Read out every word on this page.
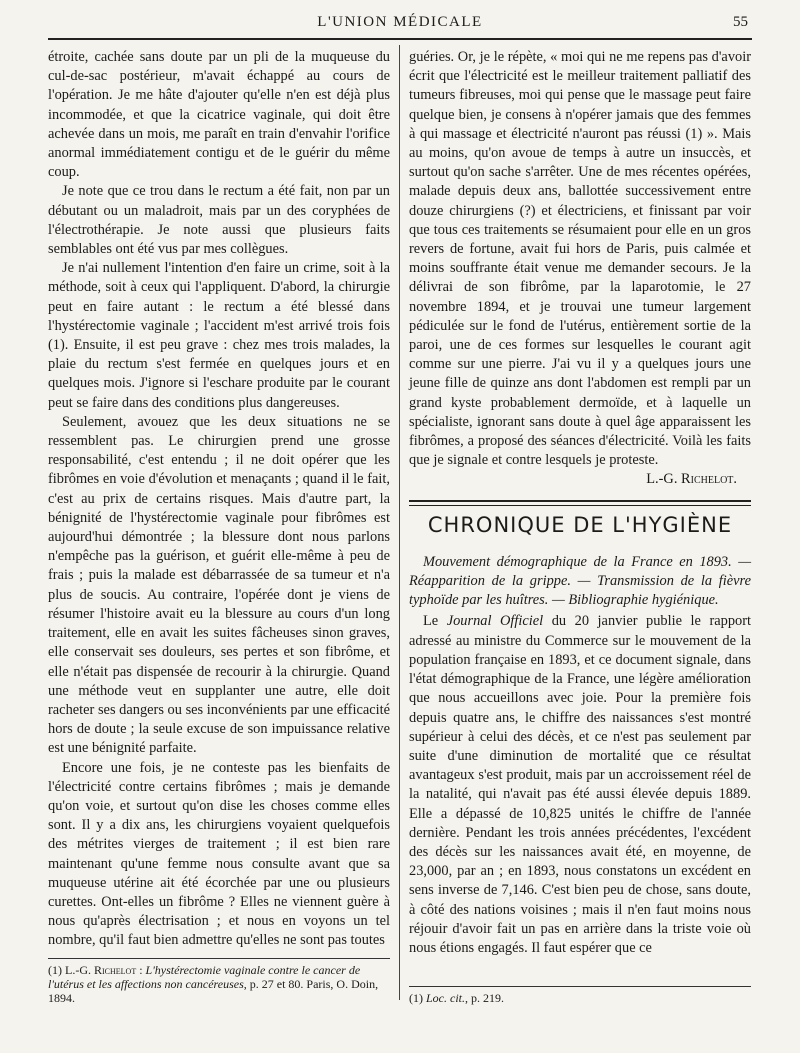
L'UNION MÉDICALE	55

étroite, cachée sans doute par un pli de la muqueuse du cul-de-sac postérieur, m'avait échappé au cours de l'opération. Je me hâte d'ajouter qu'elle n'en est déjà plus incommodée, et que la cicatrice vaginale, qui doit être achevée dans un mois, me paraît en train d'envahir l'orifice anormal immédiatement contigu et de le guérir du même coup.

Je note que ce trou dans le rectum a été fait, non par un débutant ou un maladroit, mais par un des coryphées de l'électrothérapie. Je note aussi que plusieurs faits semblables ont été vus par mes collègues.

Je n'ai nullement l'intention d'en faire un crime, soit à la méthode, soit à ceux qui l'appliquent. D'abord, la chirurgie peut en faire autant : le rectum a été blessé dans l'hystérectomie vaginale ; l'accident m'est arrivé trois fois (1). Ensuite, il est peu grave : chez mes trois malades, la plaie du rectum s'est fermée en quelques jours et en quelques mois. J'ignore si l'eschare produite par le courant peut se faire dans des conditions plus dangereuses.

Seulement, avouez que les deux situations ne se ressemblent pas. Le chirurgien prend une grosse responsabilité, c'est entendu ; il ne doit opérer que les fibrômes en voie d'évolution et menaçants ; quand il le fait, c'est au prix de certains risques. Mais d'autre part, la bénignité de l'hystérectomie vaginale pour fibrômes est aujourd'hui démontrée ; la blessure dont nous parlons n'empêche pas la guérison, et guérit elle-même à peu de frais ; puis la malade est débarrassée de sa tumeur et n'a plus de soucis. Au contraire, l'opérée dont je viens de résumer l'histoire avait eu la blessure au cours d'un long traitement, elle en avait les suites fâcheuses sinon graves, elle conservait ses douleurs, ses pertes et son fibrôme, et elle n'était pas dispensée de recourir à la chirurgie. Quand une méthode veut en supplanter une autre, elle doit racheter ses dangers ou ses inconvénients par une efficacité hors de doute ; la seule excuse de son impuissance relative est une bénignité parfaite.

Encore une fois, je ne conteste pas les bienfaits de l'électricité contre certains fibrômes ; mais je demande qu'on voie, et surtout qu'on dise les choses comme elles sont. Il y a dix ans, les chirurgiens voyaient quelquefois des métrites vierges de traitement ; il est bien rare maintenant qu'une femme nous consulte avant que sa muqueuse utérine ait été écorchée par une ou plusieurs curettes. Ont-elles un fibrôme ? Elles ne viennent guère à nous qu'après électrisation ; et nous en voyons un tel nombre, qu'il faut bien admettre qu'elles ne sont pas toutes

(1) L.-G. Richelot : L'hystérectomie vaginale contre le cancer de l'utérus et les affections non cancéreuses, p. 27 et 80. Paris, O. Doin, 1894.

guéries. Or, je le répète, « moi qui ne me repens pas d'avoir écrit que l'électricité est le meilleur traitement palliatif des tumeurs fibreuses, moi qui pense que le massage peut faire quelque bien, je consens à n'opérer jamais que des femmes à qui massage et électricité n'auront pas réussi (1) ». Mais au moins, qu'on avoue de temps à autre un insuccès, et surtout qu'on sache s'arrêter. Une de mes récentes opérées, malade depuis deux ans, ballottée successivement entre douze chirurgiens (?) et électriciens, et finissant par voir que tous ces traitements se résumaient pour elle en un gros revers de fortune, avait fui hors de Paris, puis calmée et moins souffrante était venue me demander secours. Je la délivrai de son fibrôme, par la laparotomie, le 27 novembre 1894, et je trouvai une tumeur largement pédiculée sur le fond de l'utérus, entièrement sortie de la paroi, une de ces formes sur lesquelles le courant agit comme sur une pierre. J'ai vu il y a quelques jours une jeune fille de quinze ans dont l'abdomen est rempli par un grand kyste probablement dermoïde, et à laquelle un spécialiste, ignorant sans doute à quel âge apparaissent les fibrômes, a proposé des séances d'électricité. Voilà les faits que je signale et contre lesquels je proteste.

L.-G. Richelot.

CHRONIQUE DE L'HYGIÈNE

Mouvement démographique de la France en 1893. — Réapparition de la grippe. — Transmission de la fièvre typhoïde par les huîtres. — Bibliographie hygiénique.

Le Journal Officiel du 20 janvier publie le rapport adressé au ministre du Commerce sur le mouvement de la population française en 1893, et ce document signale, dans l'état démographique de la France, une légère amélioration que nous accueillons avec joie. Pour la première fois depuis quatre ans, le chiffre des naissances s'est montré supérieur à celui des décès, et ce n'est pas seulement par suite d'une diminution de mortalité que ce résultat avantageux s'est produit, mais par un accroissement réel de la natalité, qui n'avait pas été aussi élevée depuis 1889. Elle a dépassé de 10,825 unités le chiffre de l'année dernière. Pendant les trois années précédentes, l'excédent des décès sur les naissances avait été, en moyenne, de 23,000, par an ; en 1893, nous constatons un excédent en sens inverse de 7,146. C'est bien peu de chose, sans doute, à côté des nations voisines ; mais il n'en faut moins nous réjouir d'avoir fait un pas en arrière dans la triste voie où nous étions engagés. Il faut espérer que ce

(1) Loc. cit., p. 219.
